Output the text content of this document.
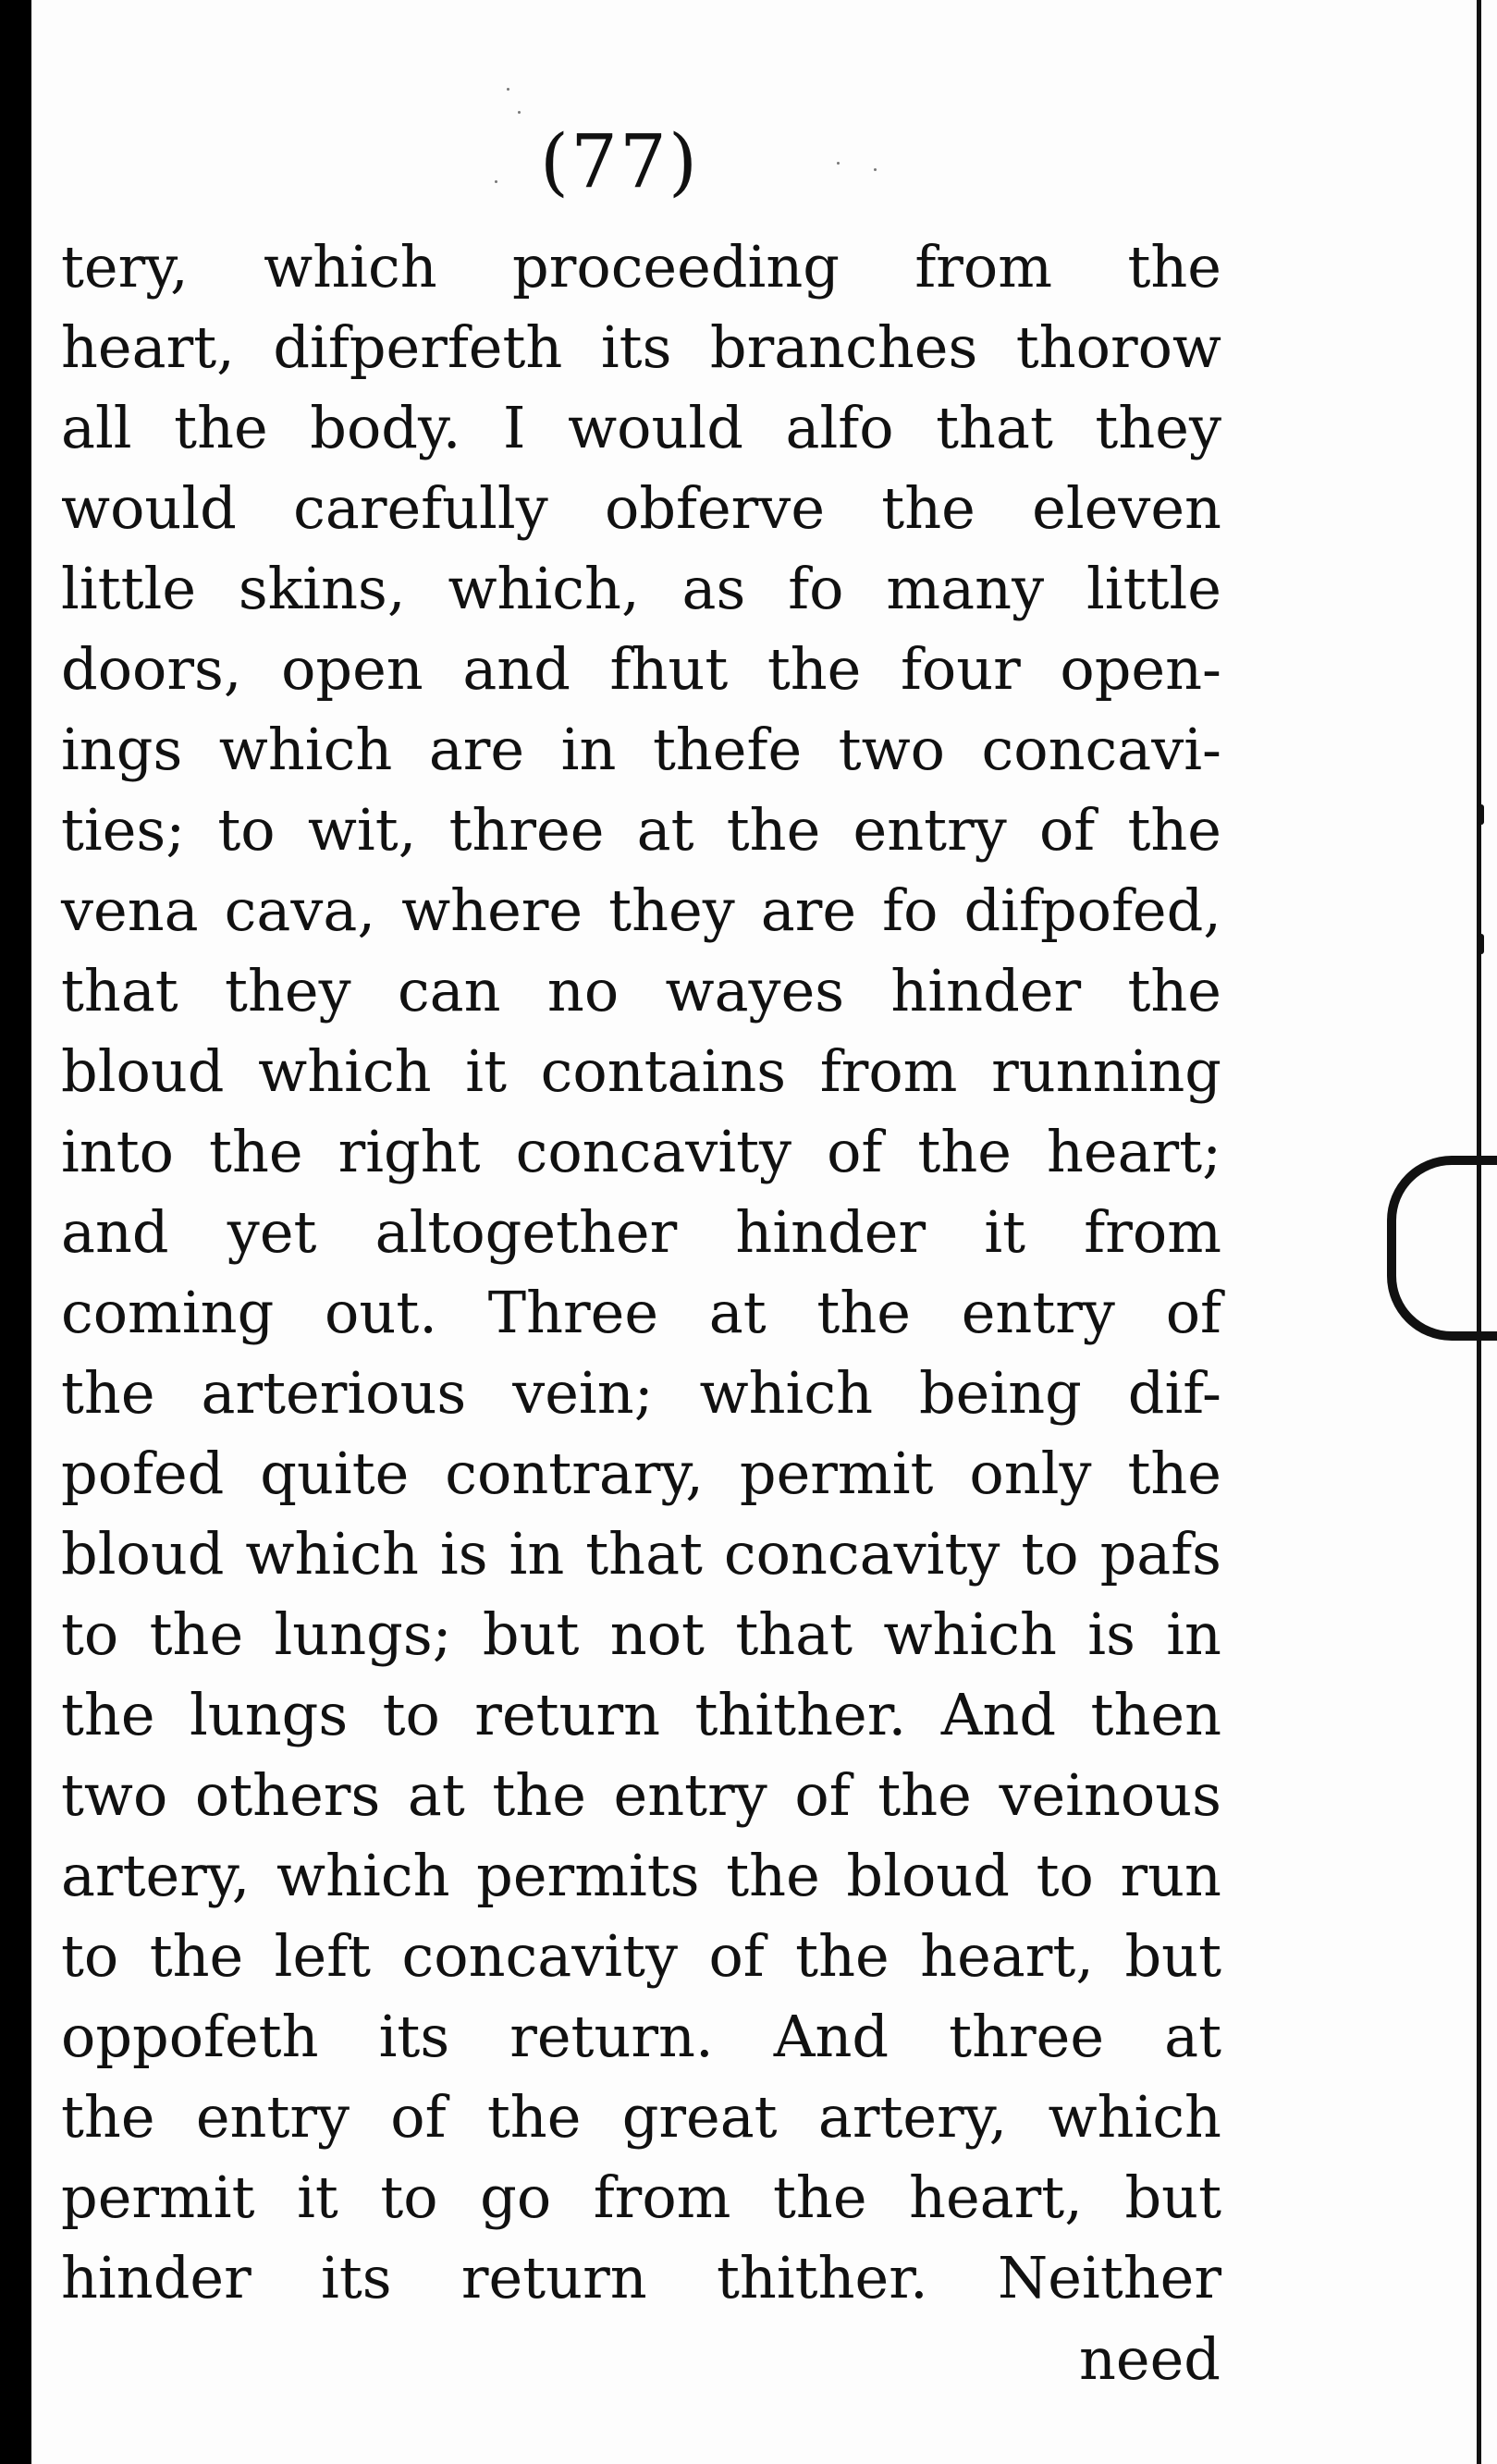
(77)
tery, which proceeding from the
heart, difperfeth its branches thorow
all the body. I would alfo that they
would carefully obferve the eleven
little skins, which, as fo many little
doors, open and fhut the four open-
ings which are in thefe two concavi-
ties; to wit, three at the entry of the
vena cava, where they are fo difpofed,
that they can no wayes hinder the
bloud which it contains from running
into the right concavity of the heart;
and yet altogether hinder it from
coming out. Three at the entry of
the arterious vein; which being dif-
pofed quite contrary, permit only the
bloud which is in that concavity to pafs
to the lungs; but not that which is in
the lungs to return thither. And then
two others at the entry of the veinous
artery, which permits the bloud to run
to the left concavity of the heart, but
oppofeth its return. And three at
the entry of the great artery, which
permit it to go from the heart, but
hinder its return thither. Neither
need
